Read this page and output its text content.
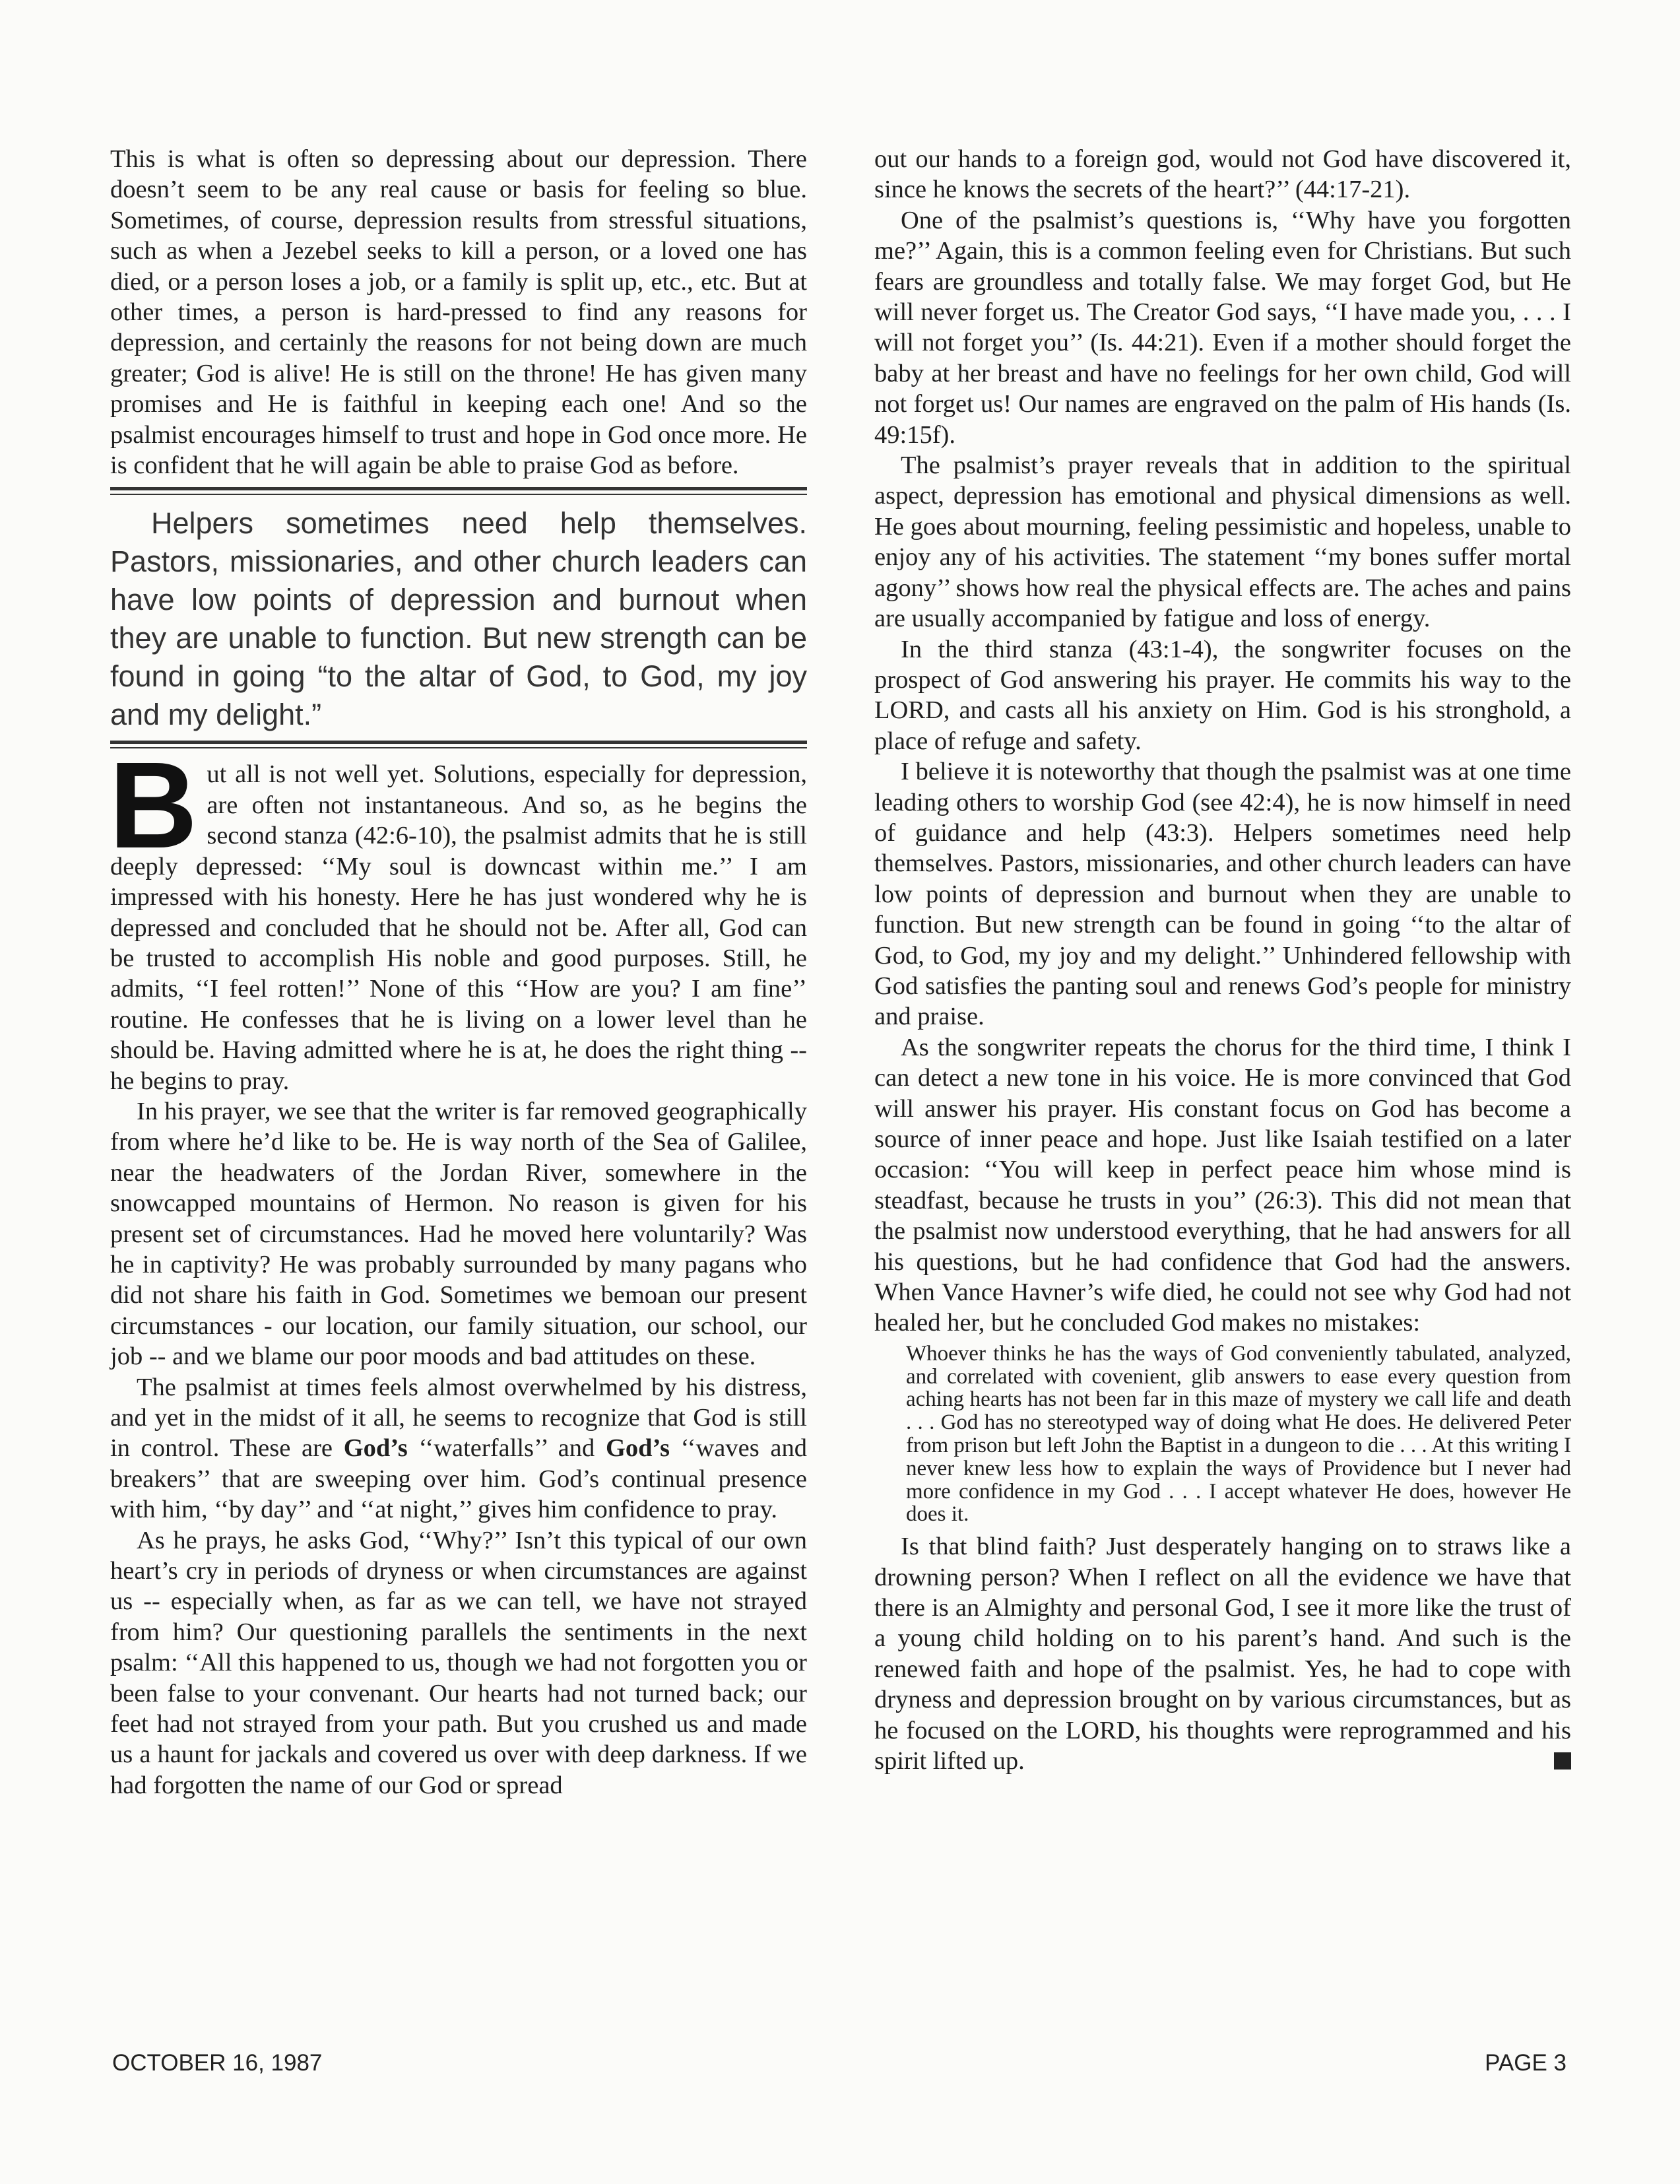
This is what is often so depressing about our depression. There doesn’t seem to be any real cause or basis for feeling so blue. Sometimes, of course, depression results from stressful situations, such as when a Jezebel seeks to kill a person, or a loved one has died, or a person loses a job, or a family is split up, etc., etc. But at other times, a person is hard-pressed to find any reasons for depression, and certainly the reasons for not being down are much greater; God is alive! He is still on the throne! He has given many promises and He is faithful in keeping each one! And so the psalmist encourages himself to trust and hope in God once more. He is confident that he will again be able to praise God as before.

Helpers sometimes need help themselves. Pastors, missionaries, and other church leaders can have low points of depression and burnout when they are unable to function. But new strength can be found in going “to the altar of God, to God, my joy and my delight.”
B ut all is not well yet. Solutions, especially for depression, are often not instantaneous. And so, as he begins the second stanza (42:6-10), the psalmist admits that he is still deeply depressed: ‘‘My soul is downcast within me.’’ I am impressed with his honesty. Here he has just wondered why he is depressed and concluded that he should not be. After all, God can be trusted to accomplish His noble and good purposes. Still, he admits, ‘‘I feel rotten!’’ None of this ‘‘How are you? I am fine’’ routine. He confesses that he is living on a lower level than he should be. Having admitted where he is at, he does the right thing -- he begins to pray.

In his prayer, we see that the writer is far removed geographically from where he’d like to be. He is way north of the Sea of Galilee, near the headwaters of the Jordan River, somewhere in the snowcapped mountains of Hermon. No reason is given for his present set of circumstances. Had he moved here voluntarily? Was he in captivity? He was probably surrounded by many pagans who did not share his faith in God. Sometimes we bemoan our present circumstances - our location, our family situation, our school, our job -- and we blame our poor moods and bad attitudes on these.

The psalmist at times feels almost overwhelmed by his distress, and yet in the midst of it all, he seems to recognize that God is still in control. These are God’s ‘‘waterfalls’’ and God’s ‘‘waves and breakers’’ that are sweeping over him. God’s continual presence with him, ‘‘by day’’ and ‘‘at night,’’ gives him confidence to pray.

As he prays, he asks God, ‘‘Why?’’ Isn’t this typical of our own heart’s cry in periods of dryness or when circumstances are against us -- especially when, as far as we can tell, we have not strayed from him? Our questioning parallels the sentiments in the next psalm: ‘‘All this happened to us, though we had not forgotten you or been false to your convenant. Our hearts had not turned back; our feet had not strayed from your path. But you crushed us and made us a haunt for jackals and covered us over with deep darkness. If we had forgotten the name of our God or spread

out our hands to a foreign god, would not God have discovered it, since he knows the secrets of the heart?’’ (44:17-21).

One of the psalmist’s questions is, ‘‘Why have you forgotten me?’’ Again, this is a common feeling even for Christians. But such fears are groundless and totally false. We may forget God, but He will never forget us. The Creator God says, ‘‘I have made you, . . . I will not forget you’’ (Is. 44:21). Even if a mother should forget the baby at her breast and have no feelings for her own child, God will not forget us! Our names are engraved on the palm of His hands (Is. 49:15f).

The psalmist’s prayer reveals that in addition to the spiritual aspect, depression has emotional and physical dimensions as well. He goes about mourning, feeling pessimistic and hopeless, unable to enjoy any of his activities. The statement ‘‘my bones suffer mortal agony’’ shows how real the physical effects are. The aches and pains are usually accompanied by fatigue and loss of energy.

In the third stanza (43:1-4), the songwriter focuses on the prospect of God answering his prayer. He commits his way to the LORD, and casts all his anxiety on Him. God is his stronghold, a place of refuge and safety.

I believe it is noteworthy that though the psalmist was at one time leading others to worship God (see 42:4), he is now himself in need of guidance and help (43:3). Helpers sometimes need help themselves. Pastors, missionaries, and other church leaders can have low points of depression and burnout when they are unable to function. But new strength can be found in going ‘‘to the altar of God, to God, my joy and my delight.’’ Unhindered fellowship with God satisfies the panting soul and renews God’s people for ministry and praise.

As the songwriter repeats the chorus for the third time, I think I can detect a new tone in his voice. He is more convinced that God will answer his prayer. His constant focus on God has become a source of inner peace and hope. Just like Isaiah testified on a later occasion: ‘‘You will keep in perfect peace him whose mind is steadfast, because he trusts in you’’ (26:3). This did not mean that the psalmist now understood everything, that he had answers for all his questions, but he had confidence that God had the answers. When Vance Havner’s wife died, he could not see why God had not healed her, but he concluded God makes no mistakes:

Whoever thinks he has the ways of God conveniently tabulated, analyzed, and correlated with covenient, glib answers to ease every question from aching hearts has not been far in this maze of mystery we call life and death . . . God has no stereotyped way of doing what He does. He delivered Peter from prison but left John the Baptist in a dungeon to die . . . At this writing I never knew less how to explain the ways of Providence but I never had more confidence in my God . . . I accept whatever He does, however He does it.

Is that blind faith? Just desperately hanging on to straws like a drowning person? When I reflect on all the evidence we have that there is an Almighty and personal God, I see it more like the trust of a young child holding on to his parent’s hand. And such is the renewed faith and hope of the psalmist. Yes, he had to cope with dryness and depression brought on by various circumstances, but as he focused on the LORD, his thoughts were reprogrammed and his spirit lifted up.

OCTOBER 16, 1987	PAGE 3
